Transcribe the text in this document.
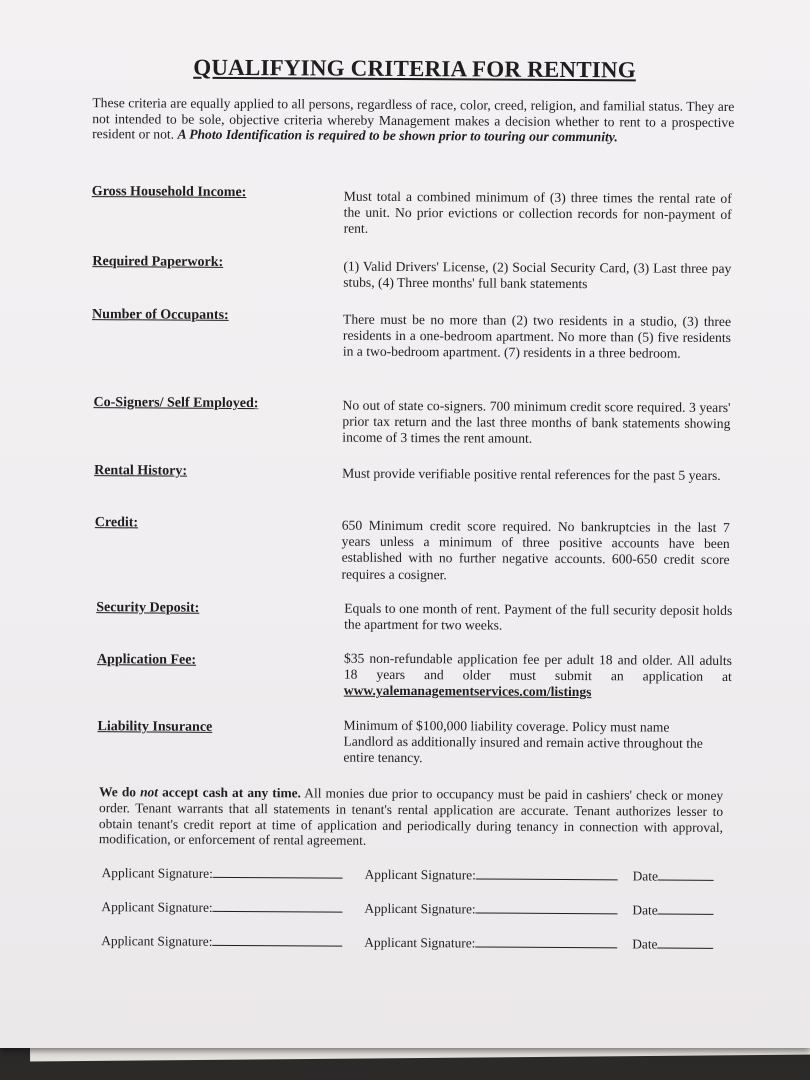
QUALIFYING CRITERIA FOR RENTING
These criteria are equally applied to all persons, regardless of race, color, creed, religion, and familial status. They are not intended to be sole, objective criteria whereby Management makes a decision whether to rent to a prospective resident or not. A Photo Identification is required to be shown prior to touring our community.
Gross Household Income:	Must total a combined minimum of (3) three times the rental rate of the unit. No prior evictions or collection records for non-payment of rent.
Required Paperwork:	(1) Valid Drivers' License, (2) Social Security Card, (3) Last three pay stubs, (4) Three months' full bank statements
Number of Occupants:	There must be no more than (2) two residents in a studio, (3) three residents in a one-bedroom apartment. No more than (5) five residents in a two-bedroom apartment. (7) residents in a three bedroom.
Co-Signers/ Self Employed:	No out of state co-signers. 700 minimum credit score required. 3 years' prior tax return and the last three months of bank statements showing income of 3 times the rent amount.
Rental History:	Must provide verifiable positive rental references for the past 5 years.
Credit:	650 Minimum credit score required. No bankruptcies in the last 7 years unless a minimum of three positive accounts have been established with no further negative accounts. 600-650 credit score requires a cosigner.
Security Deposit:	Equals to one month of rent. Payment of the full security deposit holds the apartment for two weeks.
Application Fee:	$35 non-refundable application fee per adult 18 and older. All adults 18 years and older must submit an application at www.yalemanagementservices.com/listings
Liability Insurance	Minimum of $100,000 liability coverage. Policy must name Landlord as additionally insured and remain active throughout the entire tenancy.
We do not accept cash at any time. All monies due prior to occupancy must be paid in cashiers' check or money order. Tenant warrants that all statements in tenant's rental application are accurate. Tenant authorizes lesser to obtain tenant's credit report at time of application and periodically during tenancy in connection with approval, modification, or enforcement of rental agreement.
Applicant Signature:	Applicant Signature:	Date
Applicant Signature:	Applicant Signature:	Date
Applicant Signature:	Applicant Signature:	Date
